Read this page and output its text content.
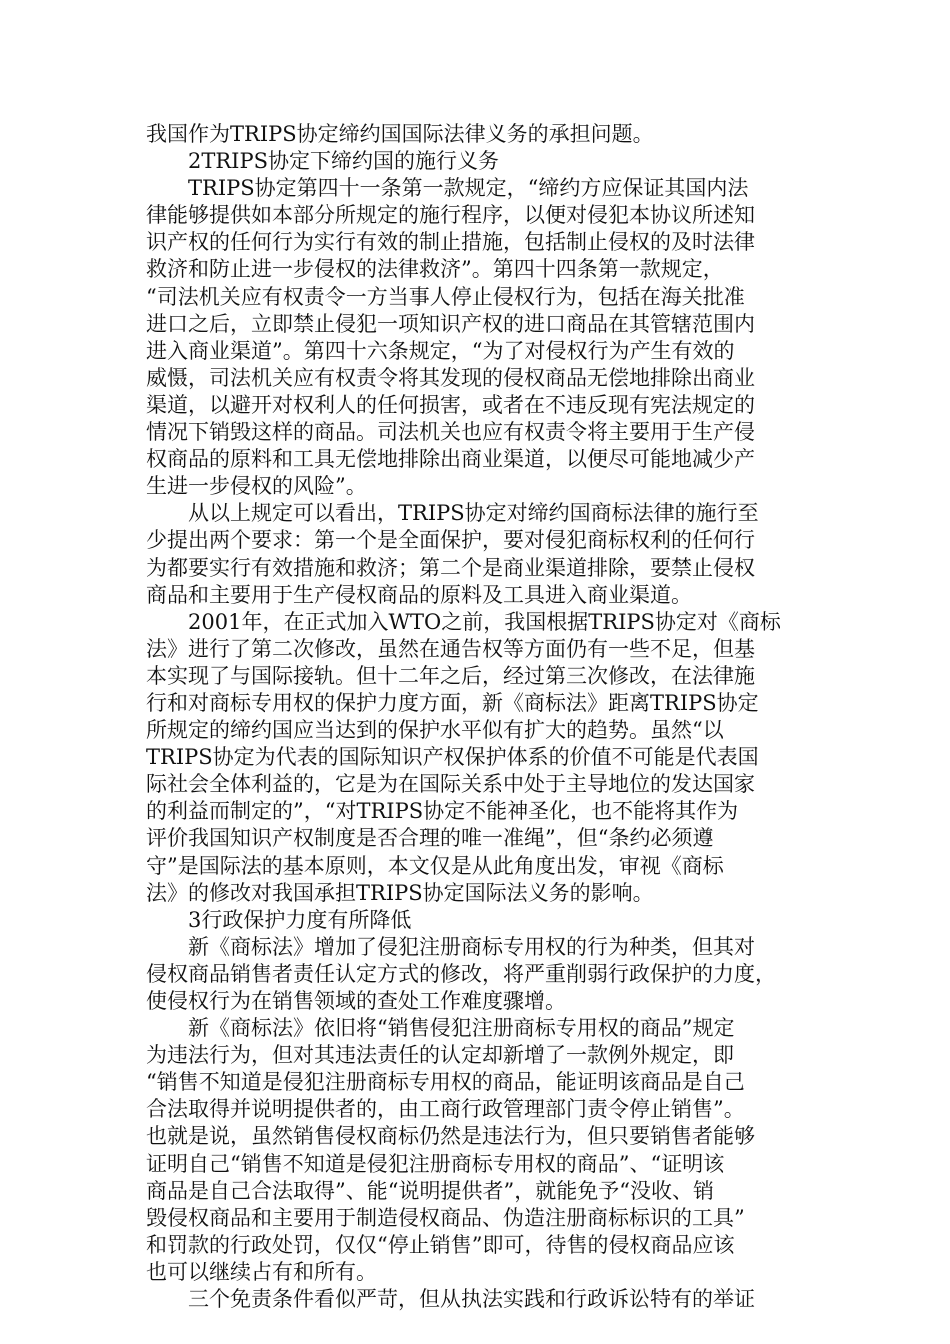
我国作为TRIPS协定缔约国国际法律义务的承担问题。
2TRIPS协定下缔约国的施行义务
TRIPS协定第四十一条第一款规定，“缔约方应保证其国内法
律能够提供如本部分所规定的施行程序，以便对侵犯本协议所述知
识产权的任何行为实行有效的制止措施，包括制止侵权的及时法律
救济和防止进一步侵权的法律救济”。第四十四条第一款规定，
“司法机关应有权责令一方当事人停止侵权行为，包括在海关批准
进口之后，立即禁止侵犯一项知识产权的进口商品在其管辖范围内
进入商业渠道”。第四十六条规定，“为了对侵权行为产生有效的
威慑，司法机关应有权责令将其发现的侵权商品无偿地排除出商业
渠道，以避开对权利人的任何损害，或者在不违反现有宪法规定的
情况下销毁这样的商品。司法机关也应有权责令将主要用于生产侵
权商品的原料和工具无偿地排除出商业渠道，以便尽可能地减少产
生进一步侵权的风险”。
从以上规定可以看出，TRIPS协定对缔约国商标法律的施行至
少提出两个要求：第一个是全面保护，要对侵犯商标权利的任何行
为都要实行有效措施和救济；第二个是商业渠道排除，要禁止侵权
商品和主要用于生产侵权商品的原料及工具进入商业渠道。
2001年，在正式加入WTO之前，我国根据TRIPS协定对《商标
法》进行了第二次修改，虽然在通告权等方面仍有一些不足，但基
本实现了与国际接轨。但十二年之后，经过第三次修改，在法律施
行和对商标专用权的保护力度方面，新《商标法》距离TRIPS协定
所规定的缔约国应当达到的保护水平似有扩大的趋势。虽然“以
TRIPS协定为代表的国际知识产权保护体系的价值不可能是代表国
际社会全体利益的，它是为在国际关系中处于主导地位的发达国家
的利益而制定的”，“对TRIPS协定不能神圣化，也不能将其作为
评价我国知识产权制度是否合理的唯一准绳”，但“条约必须遵
守”是国际法的基本原则，本文仅是从此角度出发，审视《商标
法》的修改对我国承担TRIPS协定国际法义务的影响。
3行政保护力度有所降低
新《商标法》增加了侵犯注册商标专用权的行为种类，但其对
侵权商品销售者责任认定方式的修改，将严重削弱行政保护的力度，
使侵权行为在销售领域的查处工作难度骤增。
新《商标法》依旧将“销售侵犯注册商标专用权的商品”规定
为违法行为，但对其违法责任的认定却新增了一款例外规定，即
“销售不知道是侵犯注册商标专用权的商品，能证明该商品是自己
合法取得并说明提供者的，由工商行政管理部门责令停止销售”。
也就是说，虽然销售侵权商标仍然是违法行为，但只要销售者能够
证明自己“销售不知道是侵犯注册商标专用权的商品”、“证明该
商品是自己合法取得”、能“说明提供者”，就能免予“没收、销
毁侵权商品和主要用于制造侵权商品、伪造注册商标标识的工具”
和罚款的行政处罚，仅仅“停止销售”即可，待售的侵权商品应该
也可以继续占有和所有。
三个免责条件看似严苛，但从执法实践和行政诉讼特有的举证
